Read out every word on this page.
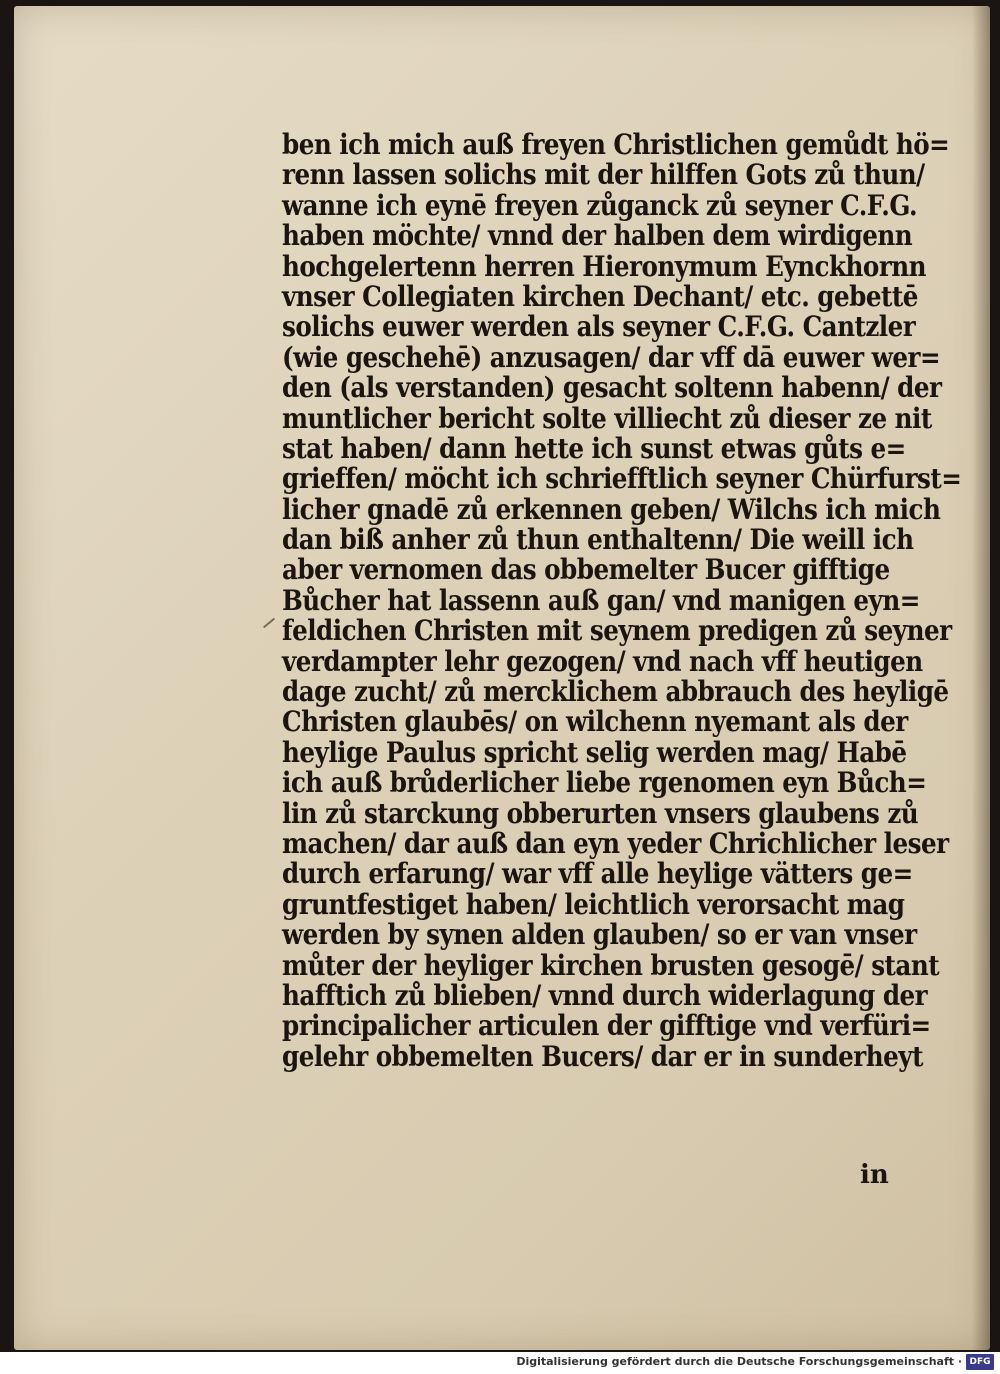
ben ich mich auß freyen Christlichen gemůdt hö=
renn lassen solichs mit der hilffen Gots zů thun/
wanne ich eynē freyen zůganck zů seyner C.F.G.
haben möchte/ vnnd der halben dem wirdigenn
hochgelertenn herren Hieronymum Eynckhornn
vnser Collegiaten kirchen Dechant/ etc. gebettē
solichs euwer werden als seyner C.F.G. Cantzler
(wie geschehē) anzusagen/ dar vff dā euwer wer=
den (als verstanden) gesacht soltenn habenn/ der
muntlicher bericht solte villiecht zů dieser ze nit
stat haben/ dann hette ich sunst etwas gůts e=
grieffen/ möcht ich schriefftlich seyner Chürfurst=
licher gnadē zů erkennen geben/ Wilchs ich mich
dan biß anher zů thun enthaltenn/ Die weill ich
aber vernomen das obbemelter Bucer gifftige
Bůcher hat lassenn auß gan/ vnd manigen eyn=
feldichen Christen mit seynem predigen zů seyner
verdampter lehr gezogen/ vnd nach vff heutigen
dage zucht/ zů mercklichem abbrauch des heyligē
Christen glaubēs/ on wilchenn nyemant als der
heylige Paulus spricht selig werden mag/ Habē
ich auß brůderlicher liebe rgenomen eyn Bůch=
lin zů starckung obberurten vnsers glaubens zů
machen/ dar auß dan eyn yeder Chrichlicher leser
durch erfarung/ war vff alle heylige vätters ge=
gruntfestiget haben/ leichtlich verorsacht mag
werden by synen alden glauben/ so er van vnser
můter der heyliger kirchen brusten gesogē/ stant
hafftich zů blieben/ vnnd durch widerlagung der
principalicher articulen der gifftige vnd verfüri=
gelehr obbemelten Bucers/ dar er in sunderheyt
in
Digitalisierung gefördert durch die Deutsche Forschungsgemeinschaft · DFG
